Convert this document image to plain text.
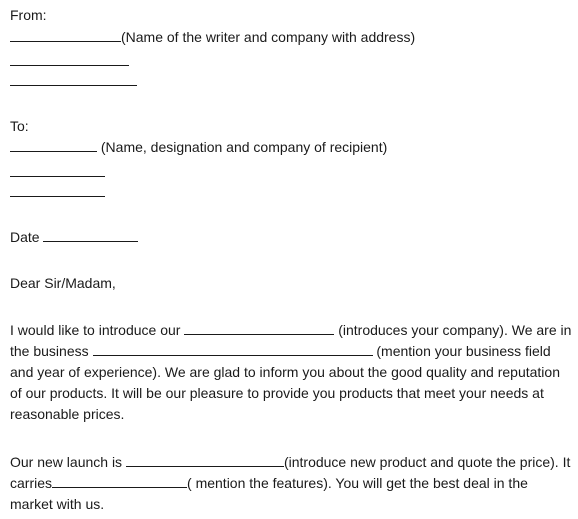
From:
(Name of the writer and company with address)
To:
(Name, designation and company of recipient)
Date
Dear Sir/Madam,
I would like to introduce our	(introduces your company). We are in the business	(mention your business field and year of experience). We are glad to inform you about the good quality and reputation of our products. It will be our pleasure to provide you products that meet your needs at reasonable prices.
Our new launch is	(introduce new product and quote the price). It carries	( mention the features). You will get the best deal in the market with us.
